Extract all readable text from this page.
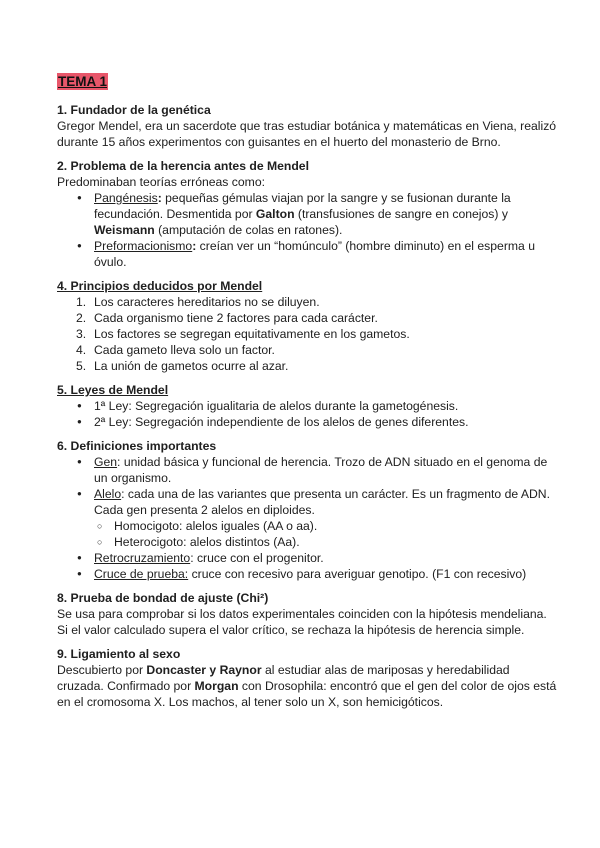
TEMA 1
1. Fundador de la genética

Gregor Mendel, era un sacerdote que tras estudiar botánica y matemáticas en Viena, realizó durante 15 años experimentos con guisantes en el huerto del monasterio de Brno.

2. Problema de la herencia antes de Mendel

Predominaban teorías erróneas como:

● Pangénesis: pequeñas gémulas viajan por la sangre y se fusionan durante la fecundación. Desmentida por Galton (transfusiones de sangre en conejos) y Weismann (amputación de colas en ratones).
● Preformacionismo: creían ver un “homúnculo” (hombre diminuto) en el esperma u óvulo.
4. Principios deducidos por Mendel
1. Los caracteres hereditarios no se diluyen.
2. Cada organismo tiene 2 factores para cada carácter.
3. Los factores se segregan equitativamente en los gametos.
4. Cada gameto lleva solo un factor.
5. La unión de gametos ocurre al azar.
5. Leyes de Mendel
● 1ª Ley: Segregación igualitaria de alelos durante la gametogénesis.
● 2ª Ley: Segregación independiente de los alelos de genes diferentes.
6. Definiciones importantes
● Gen: unidad básica y funcional de herencia. Trozo de ADN situado en el genoma de un organismo.
● Alelo: cada una de las variantes que presenta un carácter. Es un fragmento de ADN. Cada gen presenta 2 alelos en diploides.
○ Homocigoto: alelos iguales (AA o aa).
○ Heterocigoto: alelos distintos (Aa).
● Retrocruzamiento: cruce con el progenitor.
● Cruce de prueba: cruce con recesivo para averiguar genotipo. (F1 con recesivo)
8. Prueba de bondad de ajuste (Chi²)

Se usa para comprobar si los datos experimentales coinciden con la hipótesis mendeliana. Si el valor calculado supera el valor crítico, se rechaza la hipótesis de herencia simple.

9. Ligamiento al sexo

Descubierto por Doncaster y Raynor al estudiar alas de mariposas y heredabilidad cruzada. Confirmado por Morgan con Drosophila: encontró que el gen del color de ojos está en el cromosoma X. Los machos, al tener solo un X, son hemicigóticos.
